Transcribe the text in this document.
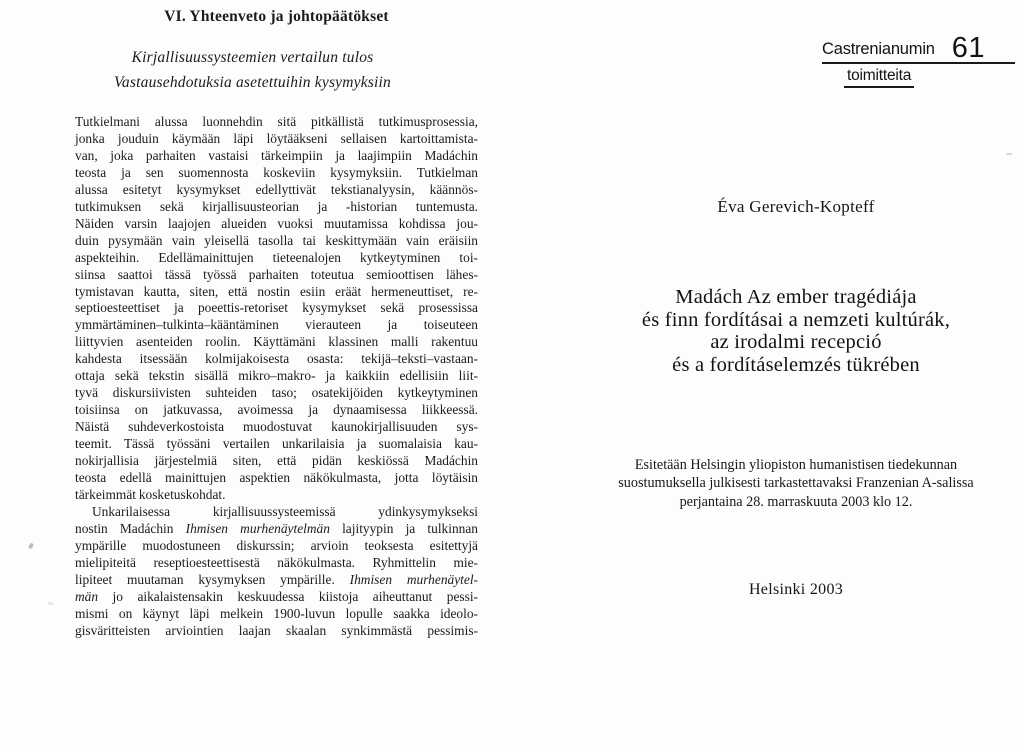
VI. Yhteenveto ja johtopäätökset
Kirjallisuussysteemien vertailun tulos
Vastausehdotuksia asetettuihin kysymyksiin
Tutkielmani alussa luonnehdin sitä pitkällistä tutkimusprosessia,
jonka jouduin käymään läpi löytääkseni sellaisen kartoittamista-
van, joka parhaiten vastaisi tärkeimpiin ja laajimpiin Madáchin
teosta ja sen suomennosta koskeviin kysymyksiin. Tutkielman
alussa esitetyt kysymykset edellyttivät tekstianalyysin, käännös-
tutkimuksen sekä kirjallisuusteorian ja -historian tuntemusta.
Näiden varsin laajojen alueiden vuoksi muutamissa kohdissa jou-
duin pysymään vain yleisellä tasolla tai keskittymään vain eräisiin
aspekteihin. Edellämainittujen tieteenalojen kytkeytyminen toi-
siinsa saattoi tässä työssä parhaiten toteutua semioottisen lähes-
tymistavan kautta, siten, että nostin esiin eräät hermeneuttiset, re-
septioesteettiset ja poeettis-retoriset kysymykset sekä prosessissa
ymmärtäminen–tulkinta–kääntäminen vierauteen ja toiseuteen
liittyvien asenteiden roolin. Käyttämäni klassinen malli rakentuu
kahdesta itsessään kolmijakoisesta osasta: tekijä–teksti–vastaan-
ottaja sekä tekstin sisällä mikro–makro- ja kaikkiin edellisiin liit-
tyvä diskursiivisten suhteiden taso; osatekijöiden kytkeytyminen
toisiinsa on jatkuvassa, avoimessa ja dynaamisessa liikkeessä.
Näistä suhdeverkostoista muodostuvat kaunokirjallisuuden sys-
teemit. Tässä työssäni vertailen unkarilaisia ja suomalaisia kau-
nokirjallisia järjestelmiä siten, että pidän keskiössä Madáchin
teosta edellä mainittujen aspektien näkökulmasta, jotta löytäisin
tärkeimmät kosketuskohdat.
Unkarilaisessa kirjallisuussysteemissä ydinkysymykseksi
nostin Madáchin Ihmisen murhenäytelmän lajityypin ja tulkinnan
ympärille muodostuneen diskurssin; arvioin teoksesta esitettyjä
mielipiteitä reseptioesteettisestä näkökulmasta. Ryhmittelin mie-
lipiteet muutaman kysymyksen ympärille. Ihmisen murhenäytel-
män jo aikalaistensakin keskuudessa kiistoja aiheuttanut pessi-
mismi on käynyt läpi melkein 1900-luvun lopulle saakka ideolo-
gisväritteisten arviointien laajan skaalan synkimmästä pessimis-
Castrenianumin 61
toimitteita
Éva Gerevich-Kopteff
Madách Az ember tragédiája
és finn fordításai a nemzeti kultúrák,
az irodalmi recepció
és a fordításelemzés tükrében
Esitetään Helsingin yliopiston humanistisen tiedekunnan
suostumuksella julkisesti tarkastettavaksi Franzenian A-salissa
perjantaina 28. marraskuuta 2003 klo 12.
Helsinki 2003
